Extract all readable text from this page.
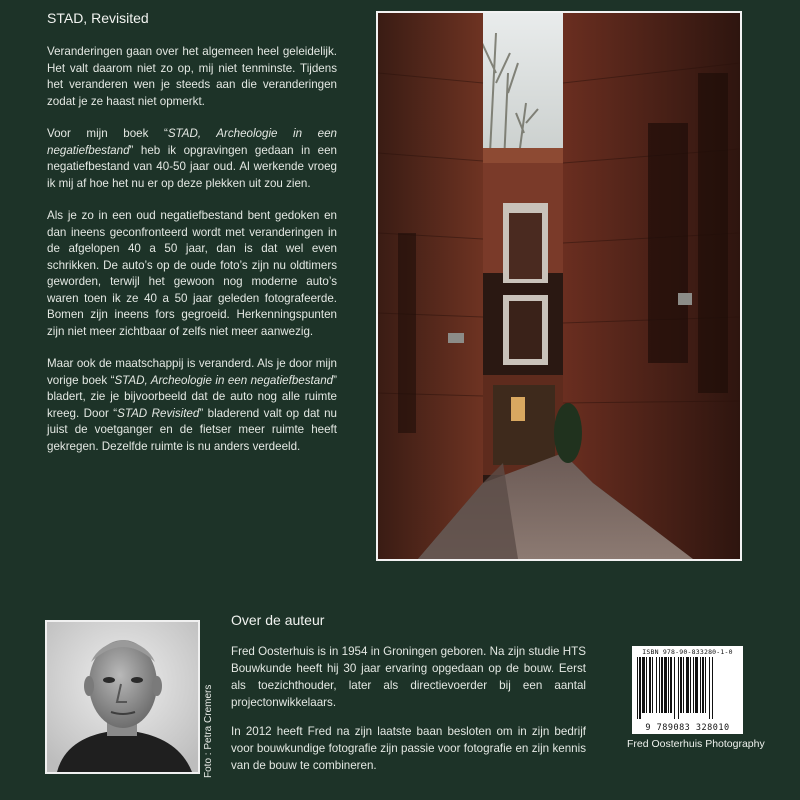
STAD, Revisited

Veranderingen gaan over het algemeen heel geleidelijk. Het valt daarom niet zo op, mij niet tenminste. Tijdens het veranderen wen je steeds aan die veranderingen zodat je ze haast niet opmerkt.

Voor mijn boek “STAD, Archeologie in een negatiefbestand” heb ik opgravingen gedaan in een negatiefbestand van 40-50 jaar oud. Al werkende vroeg ik mij af hoe het nu er op deze plekken uit zou zien.

Als je zo in een oud negatiefbestand bent gedoken en dan ineens geconfronteerd wordt met veranderingen in de afgelopen 40 a 50 jaar, dan is dat wel even schrikken. De auto’s op de oude foto’s zijn nu oldtimers geworden, terwijl het gewoon nog moderne auto’s waren toen ik ze 40 a 50 jaar geleden fotografeerde. Bomen zijn ineens fors gegroeid. Herkenningspunten zijn niet meer zichtbaar of zelfs niet meer aanwezig.

Maar ook de maatschappij is veranderd. Als je door mijn vorige boek “STAD, Archeologie in een negatiefbestand” bladert, zie je bijvoorbeeld dat de auto nog alle ruimte kreeg. Door “STAD Revisited” bladerend valt op dat nu juist de voetganger en de fietser meer ruimte heeft gekregen. Dezelfde ruimte is nu anders verdeeld.

Over de auteur

Fred Oosterhuis is in 1954 in Groningen geboren. Na zijn studie HTS Bouwkunde heeft hij 30 jaar ervaring opgedaan op de bouw. Eerst als toezichthouder, later als directievoerder bij een aantal projectonwikkelaars.

In 2012 heeft Fred na zijn laatste baan besloten om in zijn bedrijf voor bouwkundige fotografie zijn passie voor fotografie en zijn kennis van de bouw te combineren.

Foto : Petra Cremers
ISBN 978-90-833280-1-0
9 789083 328010
Fred Oosterhuis Photography
